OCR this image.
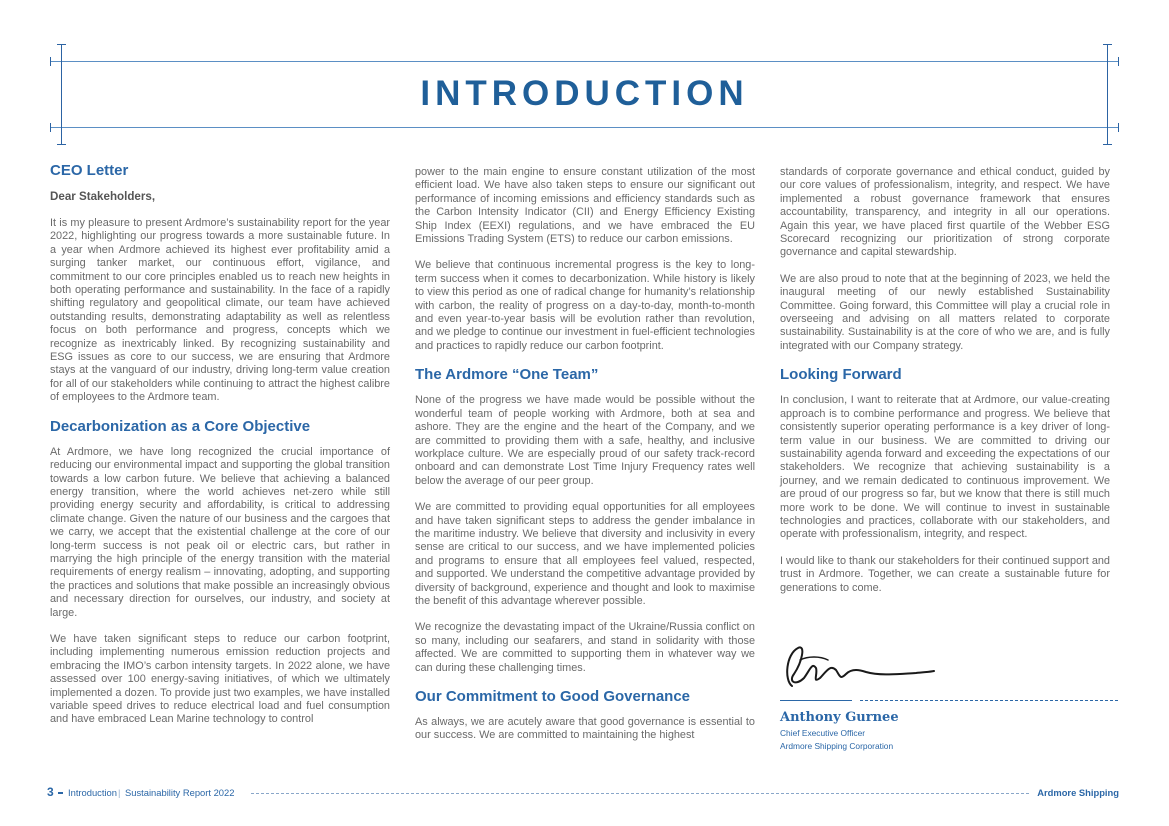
INTRODUCTION
CEO Letter
Dear Stakeholders,

It is my pleasure to present Ardmore’s sustainability report for the year 2022, highlighting our progress towards a more sustainable future. In a year when Ardmore achieved its highest ever profitability amid a surging tanker market, our continuous effort, vigilance, and commitment to our core principles enabled us to reach new heights in both operating performance and sustainability. In the face of a rapidly shifting regulatory and geopolitical climate, our team have achieved outstanding results, demonstrating adaptability as well as relentless focus on both performance and progress, concepts which we recognize as inextricably linked. By recognizing sustainability and ESG issues as core to our success, we are ensuring that Ardmore stays at the vanguard of our industry, driving long-term value creation for all of our stakeholders while continuing to attract the highest calibre of employees to the Ardmore team.

Decarbonization as a Core Objective

At Ardmore, we have long recognized the crucial importance of reducing our environmental impact and supporting the global transition towards a low carbon future. We believe that achieving a balanced energy transition, where the world achieves net-zero while still providing energy security and affordability, is critical to addressing climate change. Given the nature of our business and the cargoes that we carry, we accept that the existential challenge at the core of our long-term success is not peak oil or electric cars, but rather in marrying the high principle of the energy transition with the material requirements of energy realism – innovating, adopting, and supporting the practices and solutions that make possible an increasingly obvious and necessary direction for ourselves, our industry, and society at large.

We have taken significant steps to reduce our carbon footprint, including implementing numerous emission reduction projects and embracing the IMO’s carbon intensity targets. In 2022 alone, we have assessed over 100 energy-saving initiatives, of which we ultimately implemented a dozen. To provide just two examples, we have installed variable speed drives to reduce electrical load and fuel consumption and have embraced Lean Marine technology to control

power to the main engine to ensure constant utilization of the most efficient load. We have also taken steps to ensure our significant out performance of incoming emissions and efficiency standards such as the Carbon Intensity Indicator (CII) and Energy Efficiency Existing Ship Index (EEXI) regulations, and we have embraced the EU Emissions Trading System (ETS) to reduce our carbon emissions.

We believe that continuous incremental progress is the key to long-term success when it comes to decarbonization. While history is likely to view this period as one of radical change for humanity’s relationship with carbon, the reality of progress on a day-to-day, month-to-month and even year-to-year basis will be evolution rather than revolution, and we pledge to continue our investment in fuel-efficient technologies and practices to rapidly reduce our carbon footprint.

The Ardmore “One Team”

None of the progress we have made would be possible without the wonderful team of people working with Ardmore, both at sea and ashore. They are the engine and the heart of the Company, and we are committed to providing them with a safe, healthy, and inclusive workplace culture. We are especially proud of our safety track-record onboard and can demonstrate Lost Time Injury Frequency rates well below the average of our peer group.

We are committed to providing equal opportunities for all employees and have taken significant steps to address the gender imbalance in the maritime industry. We believe that diversity and inclusivity in every sense are critical to our success, and we have implemented policies and programs to ensure that all employees feel valued, respected, and supported. We understand the competitive advantage provided by diversity of background, experience and thought and look to maximise the benefit of this advantage wherever possible.

We recognize the devastating impact of the Ukraine/Russia conflict on so many, including our seafarers, and stand in solidarity with those affected. We are committed to supporting them in whatever way we can during these challenging times.

Our Commitment to Good Governance

As always, we are acutely aware that good governance is essential to our success. We are committed to maintaining the highest

standards of corporate governance and ethical conduct, guided by our core values of professionalism, integrity, and respect. We have implemented a robust governance framework that ensures accountability, transparency, and integrity in all our operations. Again this year, we have placed first quartile of the Webber ESG Scorecard recognizing our prioritization of strong corporate governance and capital stewardship.

We are also proud to note that at the beginning of 2023, we held the inaugural meeting of our newly established Sustainability Committee. Going forward, this Committee will play a crucial role in overseeing and advising on all matters related to corporate sustainability. Sustainability is at the core of who we are, and is fully integrated with our Company strategy.

Looking Forward

In conclusion, I want to reiterate that at Ardmore, our value-creating approach is to combine performance and progress. We believe that consistently superior operating performance is a key driver of long-term value in our business. We are committed to driving our sustainability agenda forward and exceeding the expectations of our stakeholders. We recognize that achieving sustainability is a journey, and we remain dedicated to continuous improvement. We are proud of our progress so far, but we know that there is still much more work to be done. We will continue to invest in sustainable technologies and practices, collaborate with our stakeholders, and operate with professionalism, integrity, and respect.

I would like to thank our stakeholders for their continued support and trust in Ardmore. Together, we can create a sustainable future for generations to come.

Anthony Gurnee
Chief Executive Officer
Ardmore Shipping Corporation
3 Introduction | Sustainability Report 2022	Ardmore Shipping
